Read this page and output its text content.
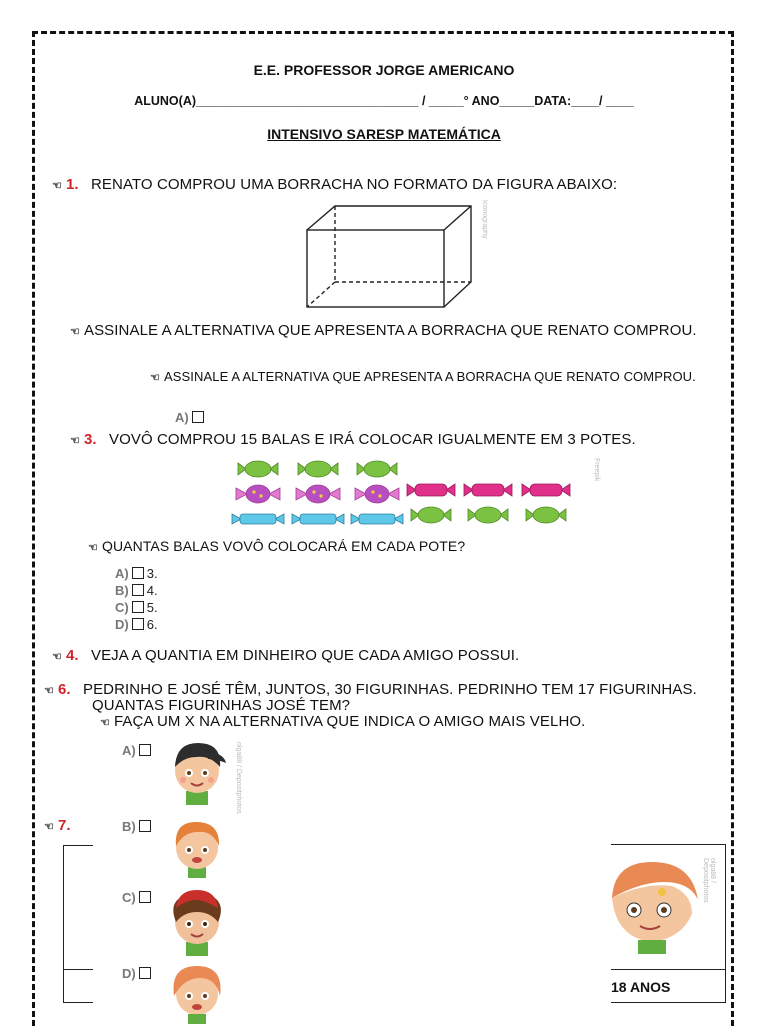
E.E. PROFESSOR JORGE AMERICANO
ALUNO(A)________________________________ / _____° ANO_____DATA:____/ ____
INTENSIVO SARESP MATEMÁTICA
☜ 1. RENATO COMPROU UMA BORRACHA NO FORMATO DA FIGURA ABAIXO:
Iconography
☜ ASSINALE A ALTERNATIVA QUE APRESENTA A BORRACHA QUE RENATO COMPROU.
☜ ASSINALE A ALTERNATIVA QUE APRESENTA A BORRACHA QUE RENATO COMPROU.
A)
☜ 3. VOVÔ COMPROU 15 BALAS E IRÁ COLOCAR IGUALMENTE EM 3 POTES.
Freepik
☜ QUANTAS BALAS VOVÔ COLOCARÁ EM CADA POTE?
A) 3.
B) 4.
C) 5.
D) 6.
☜ 4. VEJA A QUANTIA EM DINHEIRO QUE CADA AMIGO POSSUI.
☜ 6. PEDRINHO E JOSÉ TÊM, JUNTOS, 30 FIGURINHAS. PEDRINHO TEM 17 FIGURINHAS.
QUANTAS FIGURINHAS JOSÉ TEM?
☜ FAÇA UM X NA ALTERNATIVA QUE INDICA O AMIGO MAIS VELHO.
A)
B)
C)
D)
olga88 / Depositphotos
☜ 7.
olga88 / Depositphotos
18 ANOS
